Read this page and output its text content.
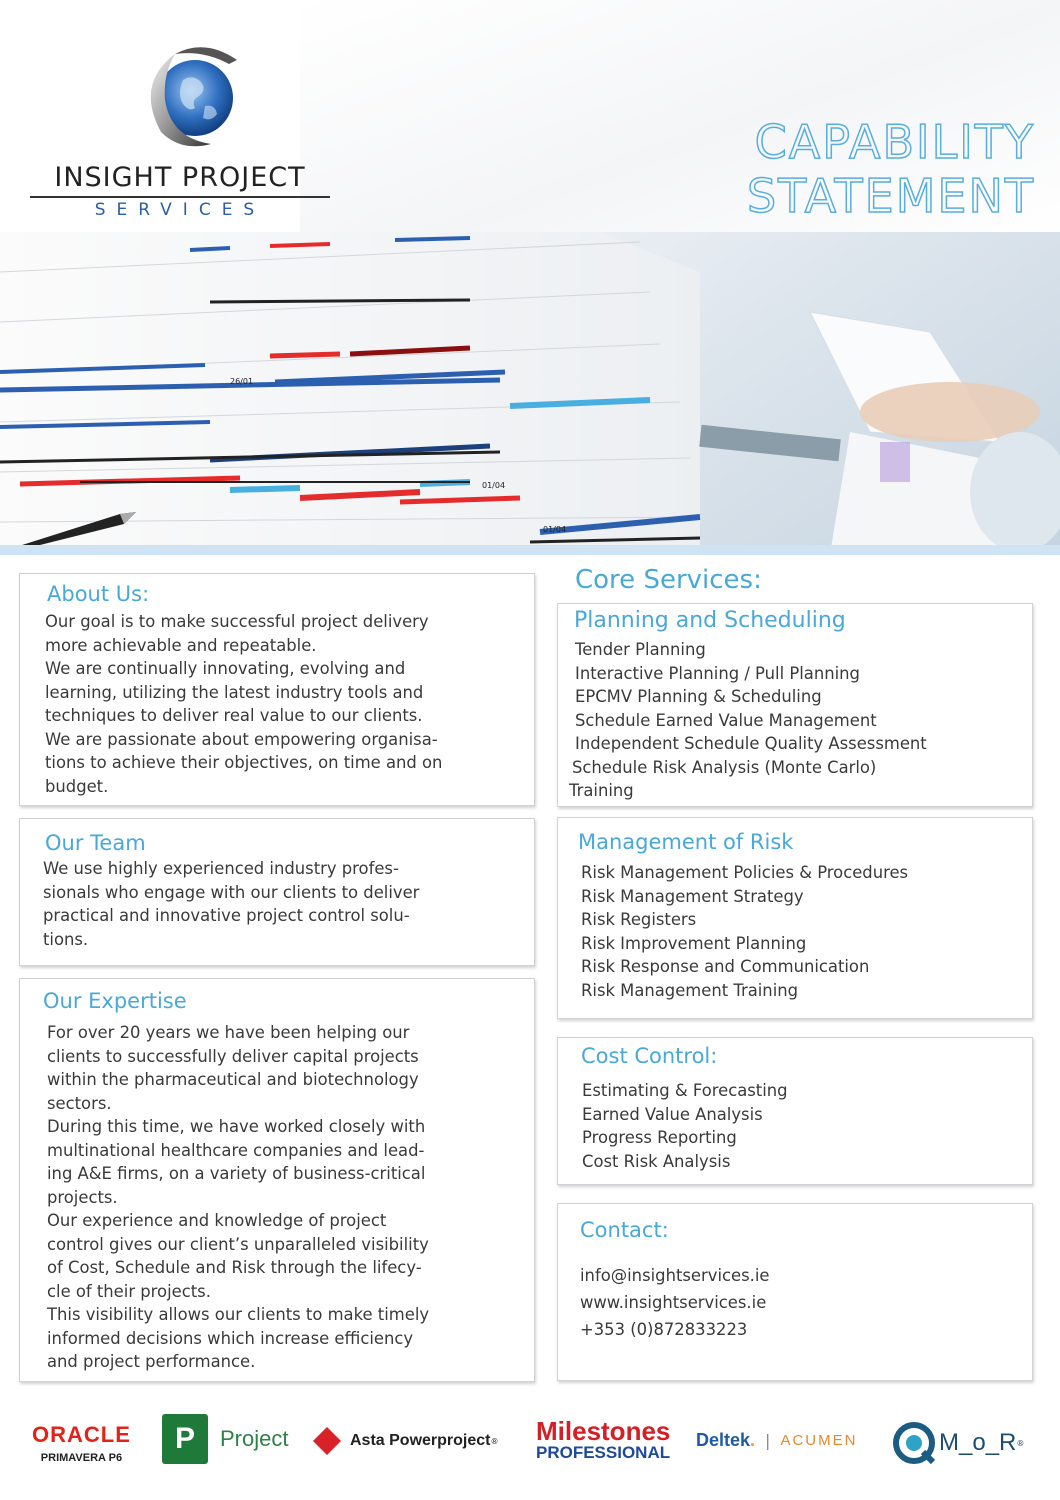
INSIGHT PROJECT
SERVICES
CAPABILITY
STATEMENT
26/01
01/04
01/04
About Us:
Our goal is to make successful project delivery
more achievable and repeatable.
We are continually innovating, evolving and
learning, utilizing the latest industry tools and
techniques to deliver real value to our clients.
We are passionate about empowering organisa-
tions to achieve their objectives, on time and on
budget.
Our Team
We use highly experienced industry profes-
sionals who engage with our clients to deliver
practical and innovative project control solu-
tions.
Our Expertise
For over 20 years we have been helping our
clients to successfully deliver capital projects
within the pharmaceutical and biotechnology
sectors.
During this time, we have worked closely with
multinational healthcare companies and lead-
ing A&E firms, on a variety of business-critical
projects.
Our experience and knowledge of project
control gives our client’s unparalleled visibility
of Cost, Schedule and Risk through the lifecy-
cle of their projects.
This visibility allows our clients to make timely
informed decisions which increase efficiency
and project performance.
Core Services:
Planning and Scheduling
Tender Planning
Interactive Planning / Pull Planning
EPCMV Planning & Scheduling
Schedule Earned Value Management
Independent Schedule Quality Assessment
Schedule Risk Analysis (Monte Carlo)
Training
Management of Risk
Risk Management Policies & Procedures
Risk Management Strategy
Risk Registers
Risk Improvement Planning
Risk Response and Communication
Risk Management Training
Cost Control:
Estimating & Forecasting
Earned Value Analysis
Progress Reporting
Cost Risk Analysis
Contact:
info@insightservices.ie
www.insightservices.ie
+353 (0)872833223
ORACLE
PRIMAVERA P6
P	Project	Asta Powerproject ® Milestones
PROFESSIONAL
Deltek . | ACUMEN	M_o_R ®
